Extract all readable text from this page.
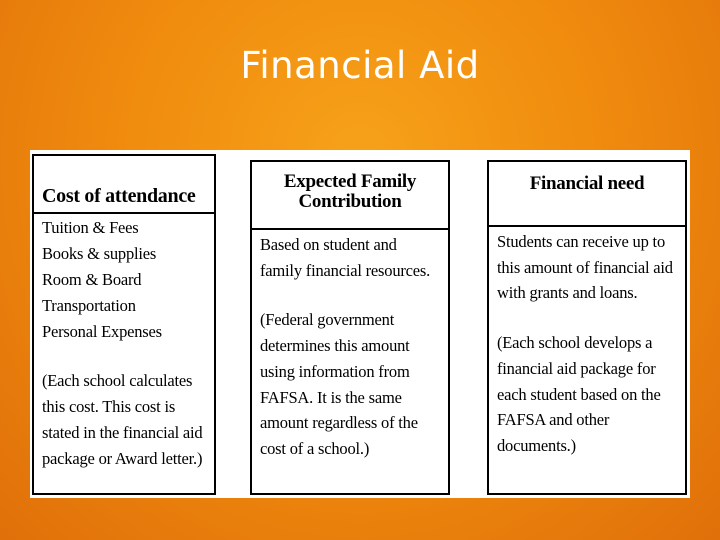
Financial Aid
Cost of attendance
Tuition & Fees
Books & supplies
Room & Board
Transportation
Personal Expenses
(Each school calculates this cost. This cost is stated in the financial aid package or Award letter.)
Expected Family Contribution
Based on student and family financial resources.
(Federal government determines this amount using information from FAFSA. It is the same amount regardless of the cost of a school.)
Financial need
Students can receive up to this amount of financial aid with grants and loans.
(Each school develops a financial aid package for each student based on the FAFSA and other documents.)
